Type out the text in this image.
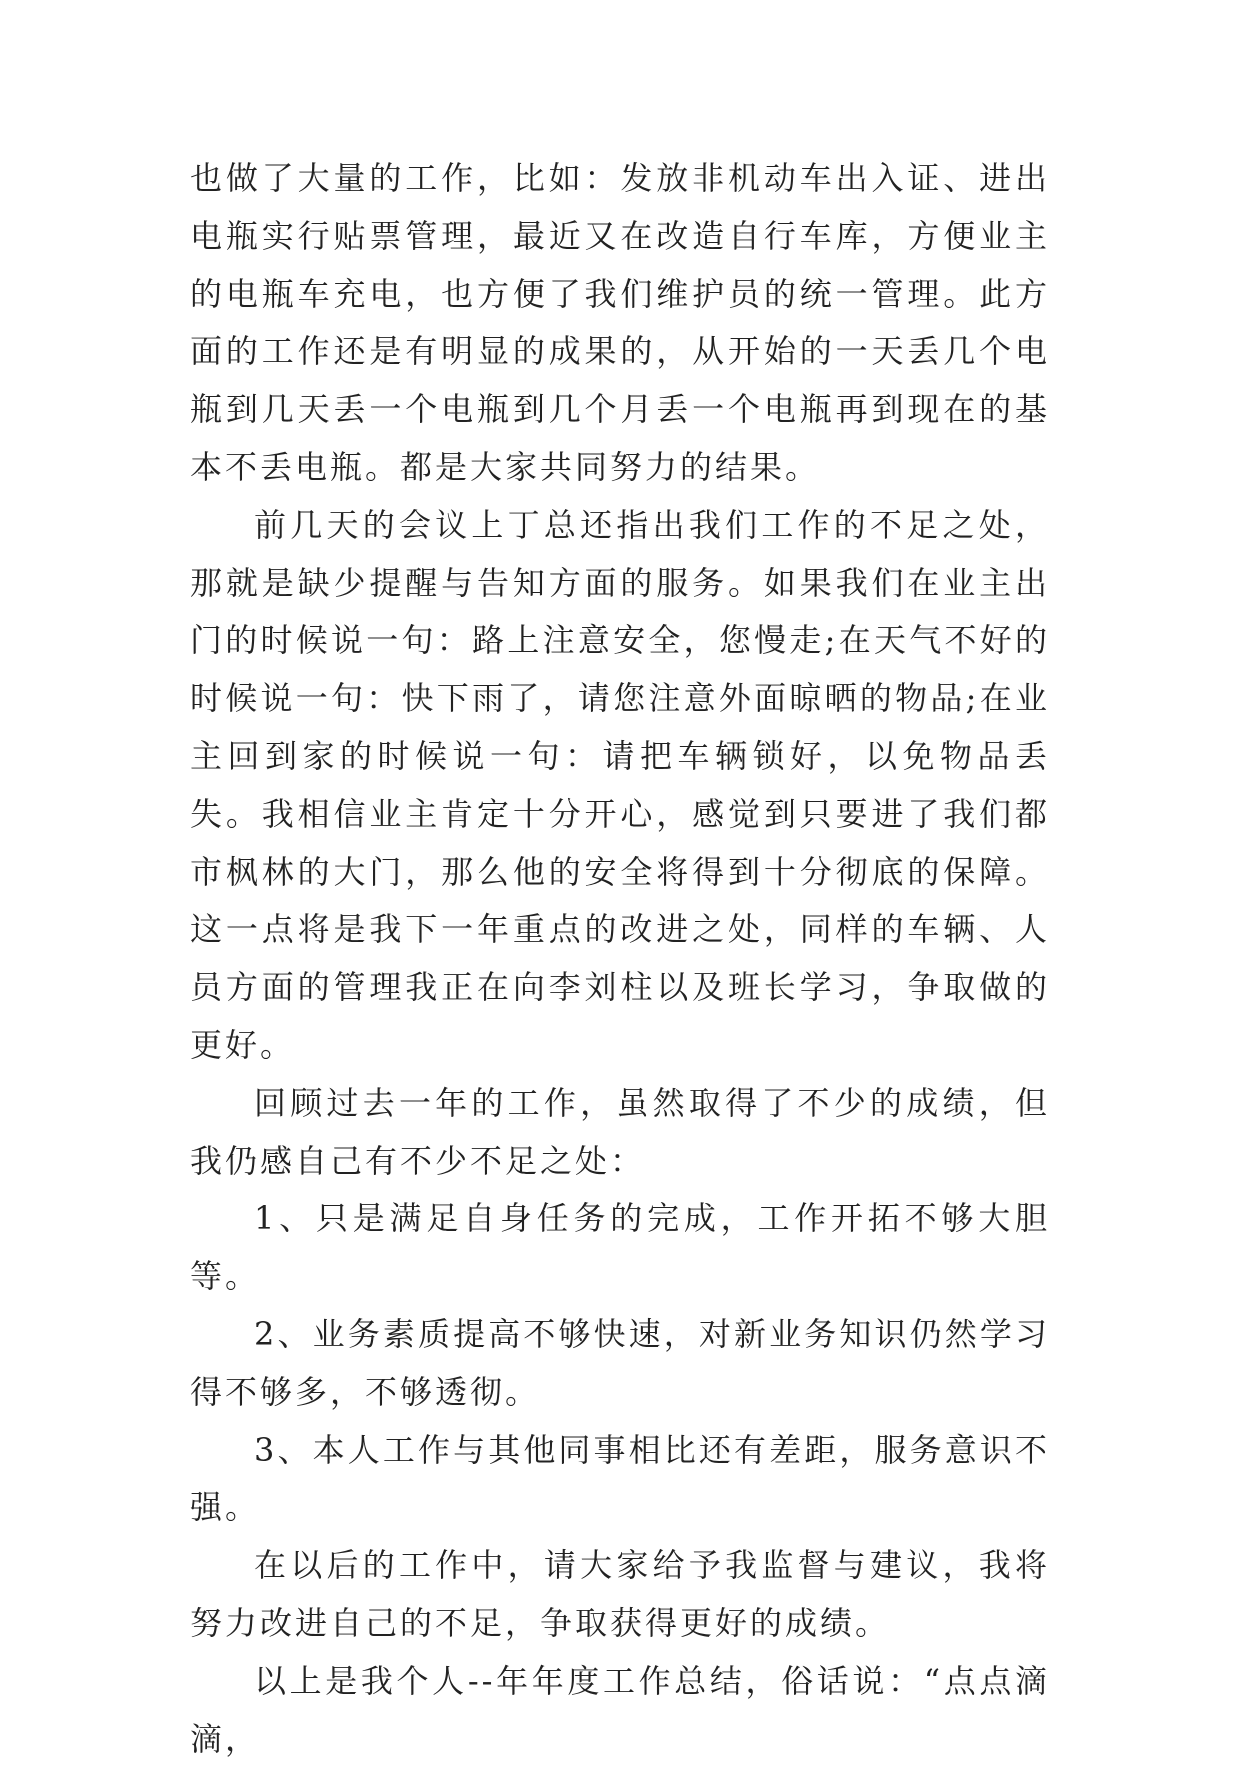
也做了大量的工作，比如：发放非机动车出入证、进出电瓶实行贴票管理，最近又在改造自行车库，方便业主的电瓶车充电，也方便了我们维护员的统一管理。此方面的工作还是有明显的成果的，从开始的一天丢几个电瓶到几天丢一个电瓶到几个月丢一个电瓶再到现在的基本不丢电瓶。都是大家共同努力的结果。

前几天的会议上丁总还指出我们工作的不足之处，那就是缺少提醒与告知方面的服务。如果我们在业主出门的时候说一句：路上注意安全，您慢走;在天气不好的时候说一句：快下雨了，请您注意外面晾晒的物品;在业主回到家的时候说一句：请把车辆锁好，以免物品丢失。我相信业主肯定十分开心，感觉到只要进了我们都市枫林的大门，那么他的安全将得到十分彻底的保障。这一点将是我下一年重点的改进之处，同样的车辆、人员方面的管理我正在向李刘柱以及班长学习，争取做的更好。

回顾过去一年的工作，虽然取得了不少的成绩，但我仍感自己有不少不足之处：

1、只是满足自身任务的完成，工作开拓不够大胆等。

2、业务素质提高不够快速，对新业务知识仍然学习得不够多，不够透彻。

3、本人工作与其他同事相比还有差距，服务意识不强。

在以后的工作中，请大家给予我监督与建议，我将努力改进自己的不足，争取获得更好的成绩。

以上是我个人--年年度工作总结，俗话说：“点点滴滴，
